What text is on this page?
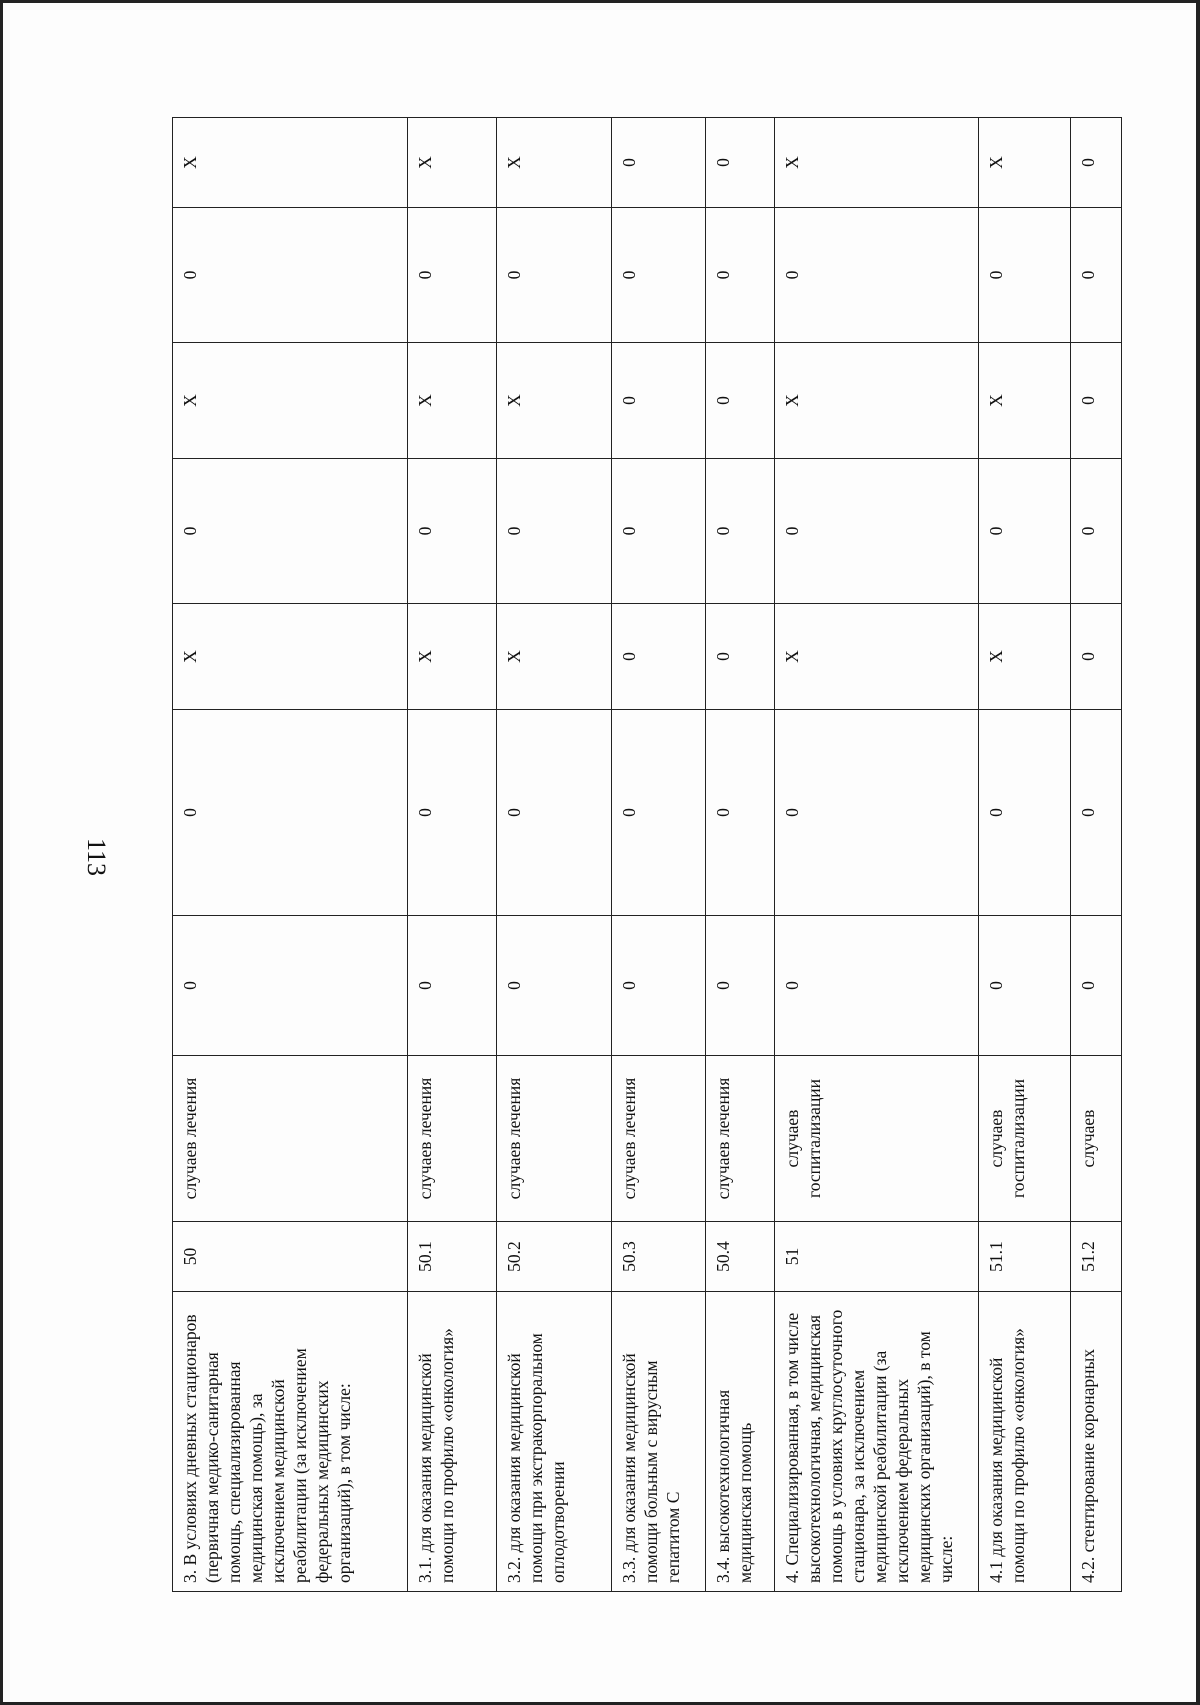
113
3. В условиях дневных стационаров (первичная медико-санитарная помощь, специализированная медицинская помощь), за исключением медицинской реабилитации (за исключением федеральных медицинских организаций), в том числе:	50	случаев лечения	0	0	Х	0	Х	0	Х
3.1. для оказания медицинской помощи по профилю «онкология»	50.1	случаев лечения	0	0	Х	0	Х	0	Х
3.2. для оказания медицинской помощи при экстракорпоральном оплодотворении	50.2	случаев лечения	0	0	Х	0	Х	0	Х
3.3. для оказания медицинской помощи больным с вирусным гепатитом С	50.3	случаев лечения	0	0	0	0	0	0	0
3.4. высокотехнологичная медицинская помощь	50.4	случаев лечения	0	0	0	0	0	0	0
4. Специализированная, в том числе высокотехнологичная, медицинская помощь в условиях круглосуточного стационара, за исключением медицинской реабилитации (за исключением федеральных медицинских организаций), в том числе:	51	случаев госпитализации	0	0	Х	0	Х	0	Х
4.1 для оказания медицинской помощи по профилю «онкология»	51.1	случаев госпитализации	0	0	Х	0	Х	0	Х
4.2. стентирование коронарных	51.2	случаев	0	0	0	0	0	0	0
